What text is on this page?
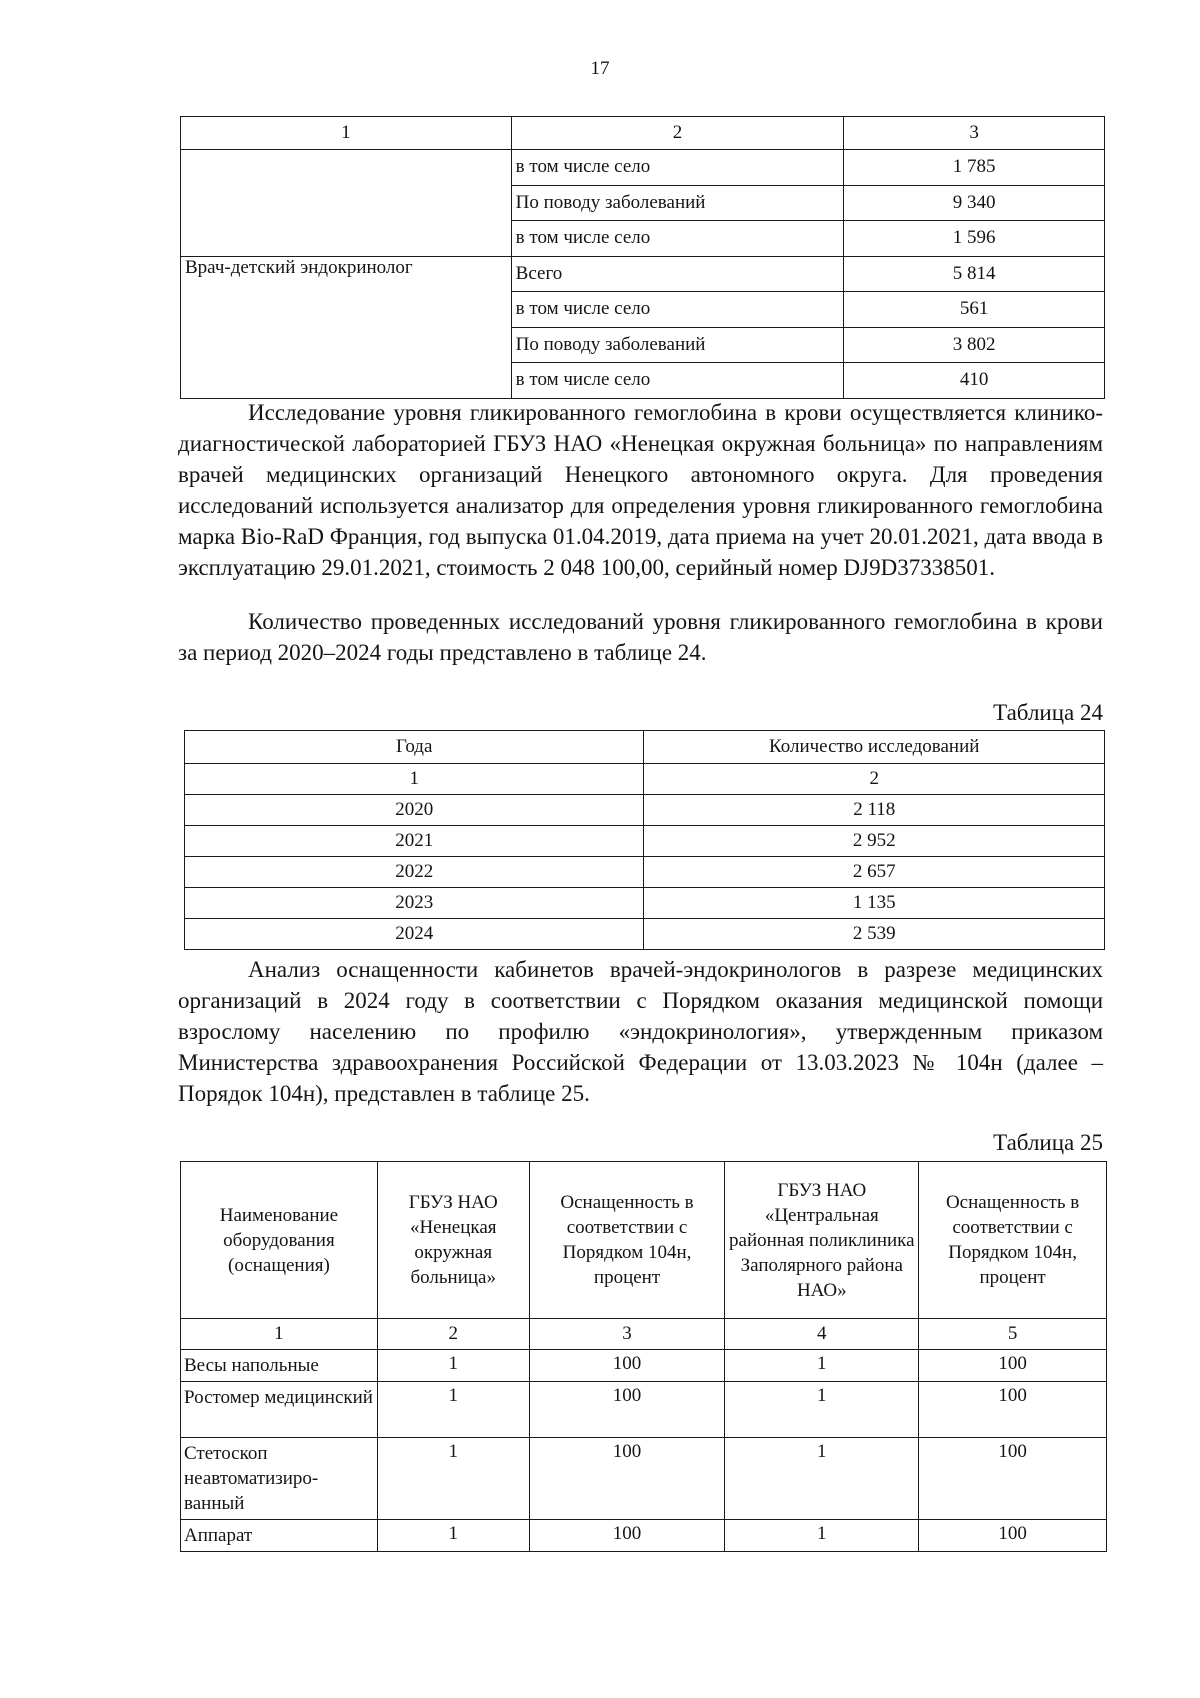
17
1	2	3
	в том числе село	1 785
	По поводу заболеваний	9 340
	в том числе село	1 596
Врач-детский эндокринолог	Всего	5 814
	в том числе село	561
	По поводу заболеваний	3 802
	в том числе село	410

Исследование уровня гликированного гемоглобина в крови осуществляется клинико-диагностической лабораторией ГБУЗ НАО «Ненецкая окружная больница» по направлениям врачей медицинских организаций Ненецкого автономного округа. Для проведения исследований используется анализатор для определения уровня гликированного гемоглобина марка Bio-RaD Франция, год выпуска 01.04.2019, дата приема на учет 20.01.2021, дата ввода в эксплуатацию 29.01.2021, стоимость 2 048 100,00, серийный номер DJ9D37338501.

Количество проведенных исследований уровня гликированного гемоглобина в крови за период 2020–2024 годы представлено в таблице 24.

Таблица 24
Года	Количество исследований
1	2
2020	2 118
2021	2 952
2022	2 657
2023	1 135
2024	2 539

Анализ оснащенности кабинетов врачей-эндокринологов в разрезе медицинских организаций в 2024 году в соответствии с Порядком оказания медицинской помощи взрослому населению по профилю «эндокринология», утвержденным приказом Министерства здравоохранения Российской Федерации от 13.03.2023 № 104н (далее – Порядок 104н), представлен в таблице 25.

Таблица 25
Наименование оборудования (оснащения)	ГБУЗ НАО «Ненецкая окружная больница»	Оснащенность в соответствии с Порядком 104н, процент	ГБУЗ НАО «Центральная районная поликлиника Заполярного района НАО»	Оснащенность в соответствии с Порядком 104н, процент
1	2	3	4	5
Весы напольные	1	100	1	100
Ростомер медицинский	1	100	1	100
Стетоскоп неавтоматизиро-ванный	1	100	1	100
Аппарат	1	100	1	100
